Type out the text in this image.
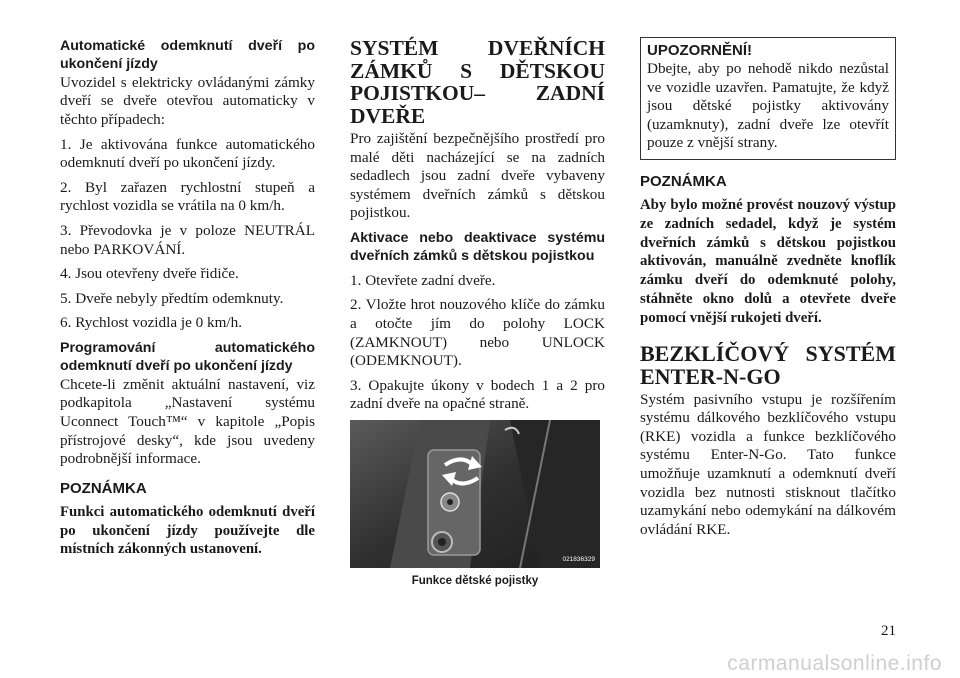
Automatické odemknutí dveří po ukončení jízdy

Uvozidel s elektricky ovládanými zámky dveří se dveře otevřou automaticky v těchto případech:

1. Je aktivována funkce automatického odemknutí dveří po ukončení jízdy.

2. Byl zařazen rychlostní stupeň a rychlost vozidla se vrátila na 0 km/h.

3. Převodovka je v poloze NEUTRÁL nebo PARKOVÁNÍ.

4. Jsou otevřeny dveře řidiče.

5. Dveře nebyly předtím odemknuty.

6. Rychlost vozidla je 0 km/h.

Programování automatického odemknutí dveří po ukončení jízdy

Chcete-li změnit aktuální nastavení, viz podkapitola „Nastavení systému Uconnect Touch™“ v kapitole „Popis přístrojové desky“, kde jsou uvedeny podrobnější informace.

POZNÁMKA

Funkci automatického odemknutí dveří po ukončení jízdy používejte dle místních zákonných ustanovení.

SYSTÉM DVEŘNÍCH ZÁMKŮ S DĚTSKOU POJISTKOU– ZADNÍ DVEŘE

Pro zajištění bezpečnějšího prostředí pro malé děti nacházející se na zadních sedadlech jsou zadní dveře vybaveny systémem dveřních zámků s dětskou pojistkou.

Aktivace nebo deaktivace systému dveřních zámků s dětskou pojistkou

1. Otevřete zadní dveře.

2. Vložte hrot nouzového klíče do zámku a otočte jím do polohy LOCK (ZAMKNOUT) nebo UNLOCK (ODEMKNOUT).

3. Opakujte úkony v bodech 1 a 2 pro zadní dveře na opačné straně.

021836329
Funkce dětské pojistky

UPOZORNĚNÍ!

Dbejte, aby po nehodě nikdo nezůstal ve vozidle uzavřen. Pamatujte, že když jsou dětské pojistky aktivovány (uzamknuty), zadní dveře lze otevřít pouze z vnější strany.

POZNÁMKA

Aby bylo možné provést nouzový výstup ze zadních sedadel, když je systém dveřních zámků s dětskou pojistkou aktivován, manuálně zvedněte knoflík zámku dveří do odemknuté polohy, stáhněte okno dolů a otevřete dveře pomocí vnější rukojeti dveří.

BEZKLÍČOVÝ SYSTÉM ENTER-N-GO

Systém pasivního vstupu je rozšířením systému dálkového bezklíčového vstupu (RKE) vozidla a funkce bezklíčového systému Enter-N-Go. Tato funkce umožňuje uzamknutí a odemknutí dveří vozidla bez nutnosti stisknout tlačítko uzamykání nebo odemykání na dálkovém ovládání RKE.

21
carmanualsonline.info
